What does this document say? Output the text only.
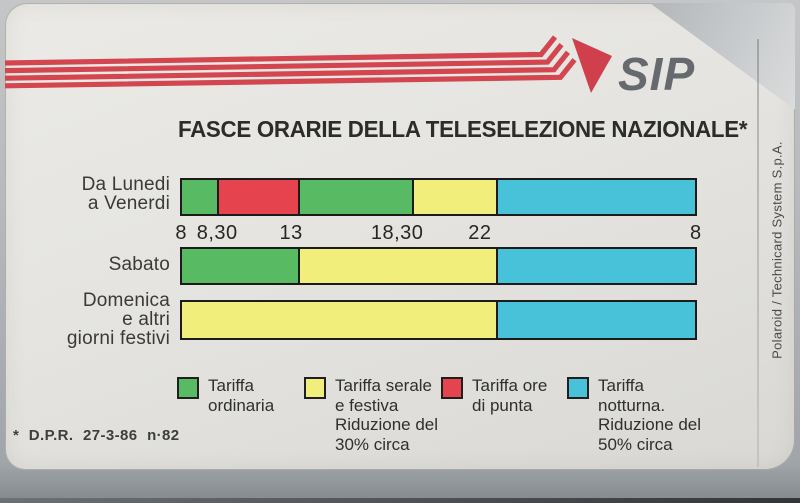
SIP
FASCE ORARIE DELLA TELESELEZIONE NAZIONALE*
Da Lunedi
a Venerdi
Sabato
Domenica
e altri
giorni festivi
8 8,30 13	18,30 22	8
Tariffa
ordinaria
Tariffa serale
e festiva
Riduzione del
30% circa
Tariffa ore
di punta
Tariffa
notturna.
Riduzione del
50% circa
* D.P.R. 27-3-86 n·82
Polaroid / Technicard System S.p.A.
